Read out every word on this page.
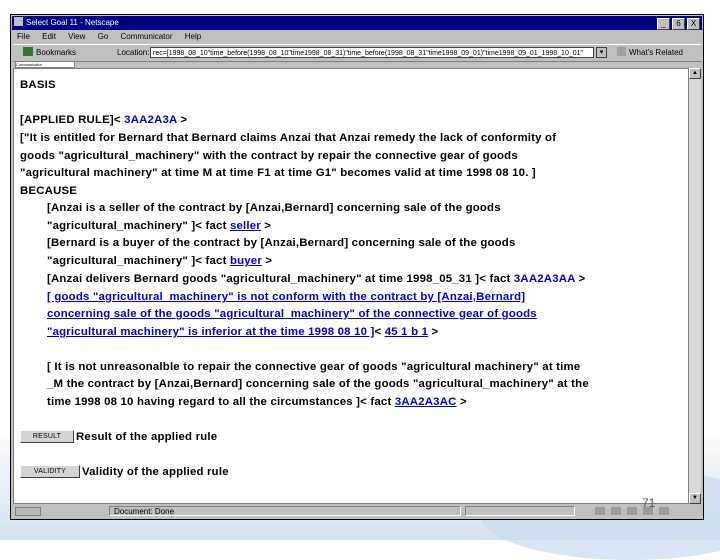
Select Goal 11 - Netscape	_ 6 X
File Edit View Go Communicator Help
Bookmarks	Location: rec=[1998_08_10"time_before(1998_08_10"time1998_08_31)"time_before(1998_08_31"time1998_09_01)"time1998_09_01_1998_10_01"	▾	What's Related
Communicator
BASIS
[APPLIED RULE]< 3AA2A3A >
["It is entitled for Bernard that Bernard claims Anzai that Anzai remedy the lack of conformity of
goods "agricultural_machinery" with the contract by repair the connective gear of goods
"agricultural machinery" at time M at time F1 at time G1" becomes valid at time 1998 08 10. ]
BECAUSE
[Anzai is a seller of the contract by [Anzai,Bernard] concerning sale of the goods
"agricultural_machinery" ]< fact seller >
[Bernard is a buyer of the contract by [Anzai,Bernard] concerning sale of the goods
"agricultural_machinery" ]< fact buyer >
[Anzai delivers Bernard goods "agricultural_machinery" at time 1998_05_31 ]< fact 3AA2A3AA >
[ goods "agricultural_machinery" is not conform with the contract by [Anzai,Bernard]
concerning sale of the goods "agricultural_machinery" of the connective gear of goods
"agricultural machinery" is inferior at the time 1998 08 10 ]< 45 1 b 1 >
[ It is not unreasonalble to repair the connective gear of goods "agricultural machinery" at time
_M the contract by [Anzai,Bernard] concerning sale of the goods "agricultural_machinery" at the
time 1998 08 10 having regard to all the circumstances ]< fact 3AA2A3AC >
RESULT	Result of the applied rule
VALIDITY	Validity of the applied rule
▲
▼
Document: Done
71
